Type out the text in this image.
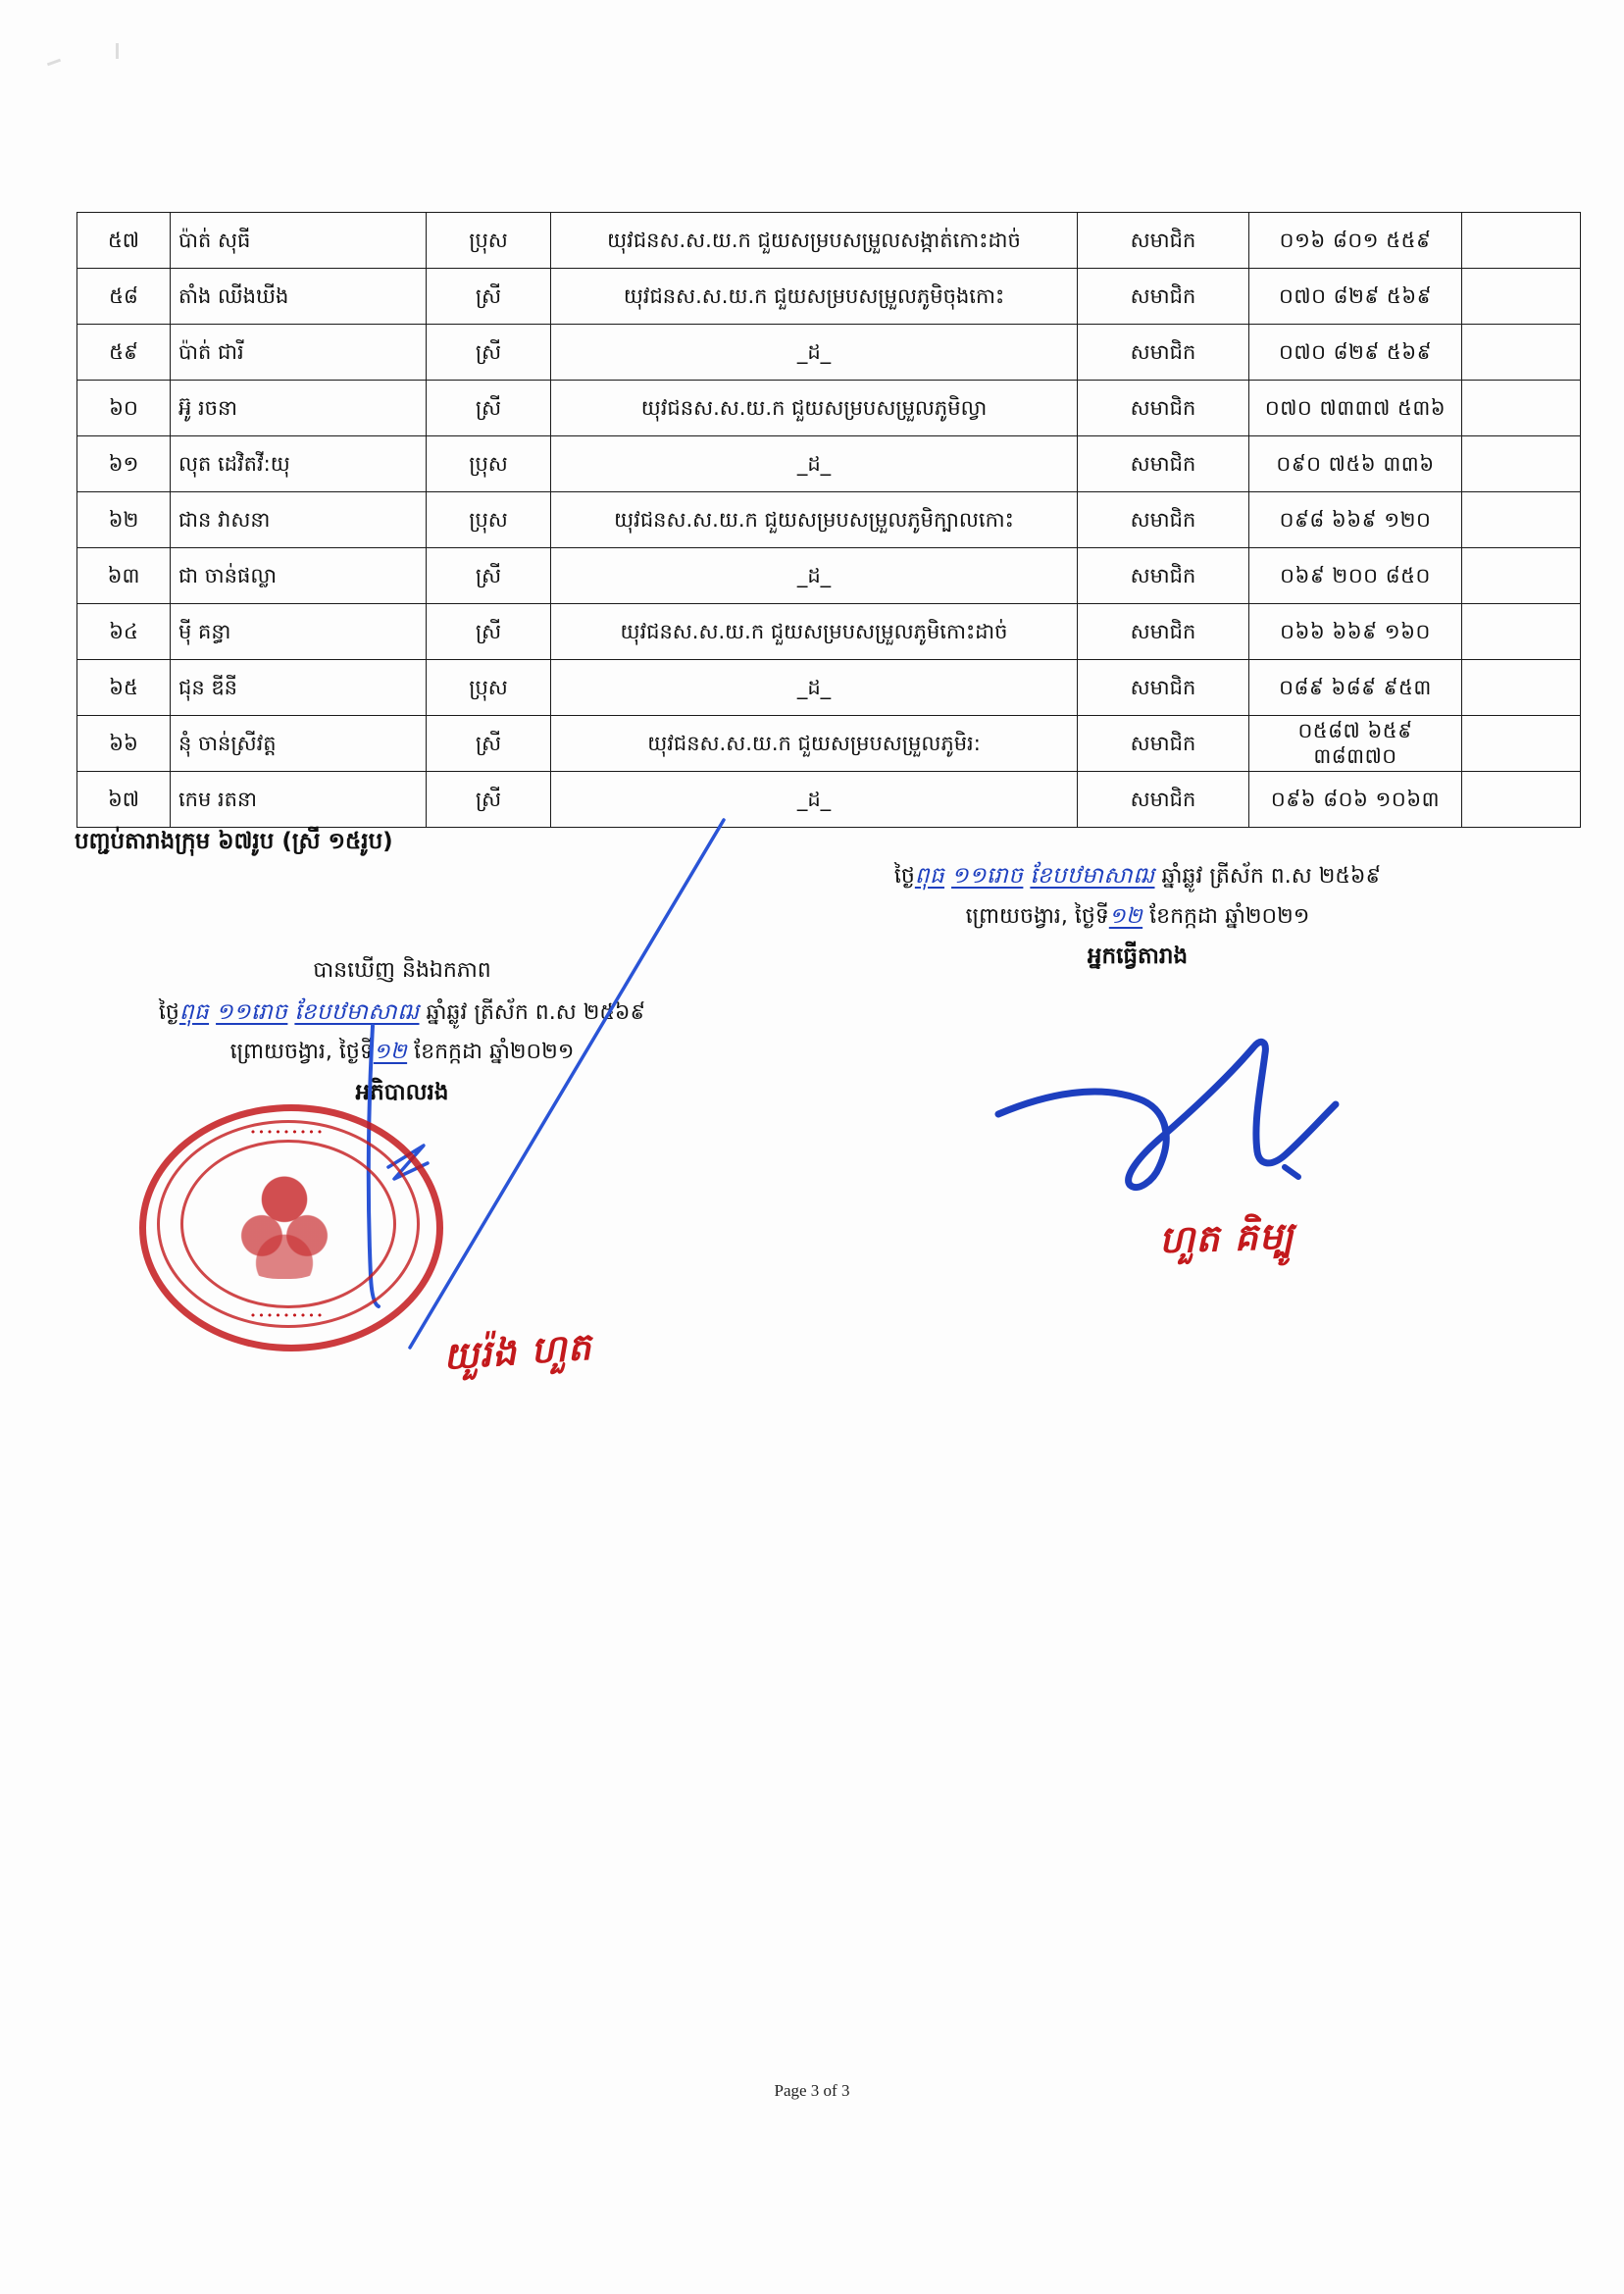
៥៧	ប៉ាត់ សុធី	ប្រុស	យុវជនស.ស.យ.ក ជួយសម្របសម្រួលសង្កាត់កោះដាច់	សមាជិក	០១៦ ៨០១ ៥៥៩	
៥៨	តាំង ឈីងឃីង	ស្រី	យុវជនស.ស.យ.ក ជួយសម្របសម្រួលភូមិចុងកោះ	សមាជិក	០៧០ ៨២៩ ៥៦៩	
៥៩	ប៉ាត់ ជារី	ស្រី	_ដ_	សមាជិក	០៧០ ៨២៩ ៥៦៩	
៦០	អ៊ូ រចនា	ស្រី	យុវជនស.ស.យ.ក ជួយសម្របសម្រួលភូមិល្វា	សមាជិក	០៧០ ៧៣៣៧ ៥៣៦	
៦១	លុត ដេវិតវី:យុ	ប្រុស	_ដ_	សមាជិក	០៩០ ៧៥៦ ៣៣៦	
៦២	ជាន វាសនា	ប្រុស	យុវជនស.ស.យ.ក ជួយសម្របសម្រួលភូមិក្បាលកោះ	សមាជិក	០៩៨ ៦៦៩ ១២០	
៦៣	ជា ចាន់ផល្លា	ស្រី	_ដ_	សមាជិក	០៦៩ ២០០ ៨៥០	
៦៤	ម៉ី គន្ធា	ស្រី	យុវជនស.ស.យ.ក ជួយសម្របសម្រួលភូមិកោះដាច់	សមាជិក	០៦៦ ៦៦៩ ១៦០	
៦៥	ជុន ឌីនី	ប្រុស	_ដ_	សមាជិក	០៨៩ ៦៨៩ ៩៥៣	
៦៦	នុំ ចាន់ស្រីវត្ត	ស្រី	យុវជនស.ស.យ.ក ជួយសម្របសម្រួលភូមិរ:	សមាជិក	០៥៨៧ ៦៥៩ ៣៨៣៧០	
៦៧	កេម រតនា	ស្រី	_ដ_	សមាជិក	០៩៦ ៨០៦ ១០៦៣	
បញ្ជប់តារាងក្រុម ៦៧រូប (ស្រី ១៥រូប)
ថ្ងៃពុធ ១១រោច ខែបឋមាសាឍ ឆ្នាំឆ្លូវ ត្រីស័ក ព.ស ២៥៦៩
ព្រោយចង្វារ, ថ្ងៃទី១២ ខែកក្កដា ឆ្នាំ២០២១
អ្នកធ្វើតារាង
ហួត គិម្បូ
បានឃើញ និងឯកភាព
ថ្ងៃពុធ ១១រោច ខែបឋមាសាឍ ឆ្នាំឆ្លូវ ត្រីស័ក ព.ស ២៥៦៩
ព្រោយចង្វារ, ថ្ងៃទី១២ ខែកក្កដា ឆ្នាំ២០២១
អភិបាលរង
•••••••••
•••••••••
យួរ៉ង ហួត
Page 3 of 3
